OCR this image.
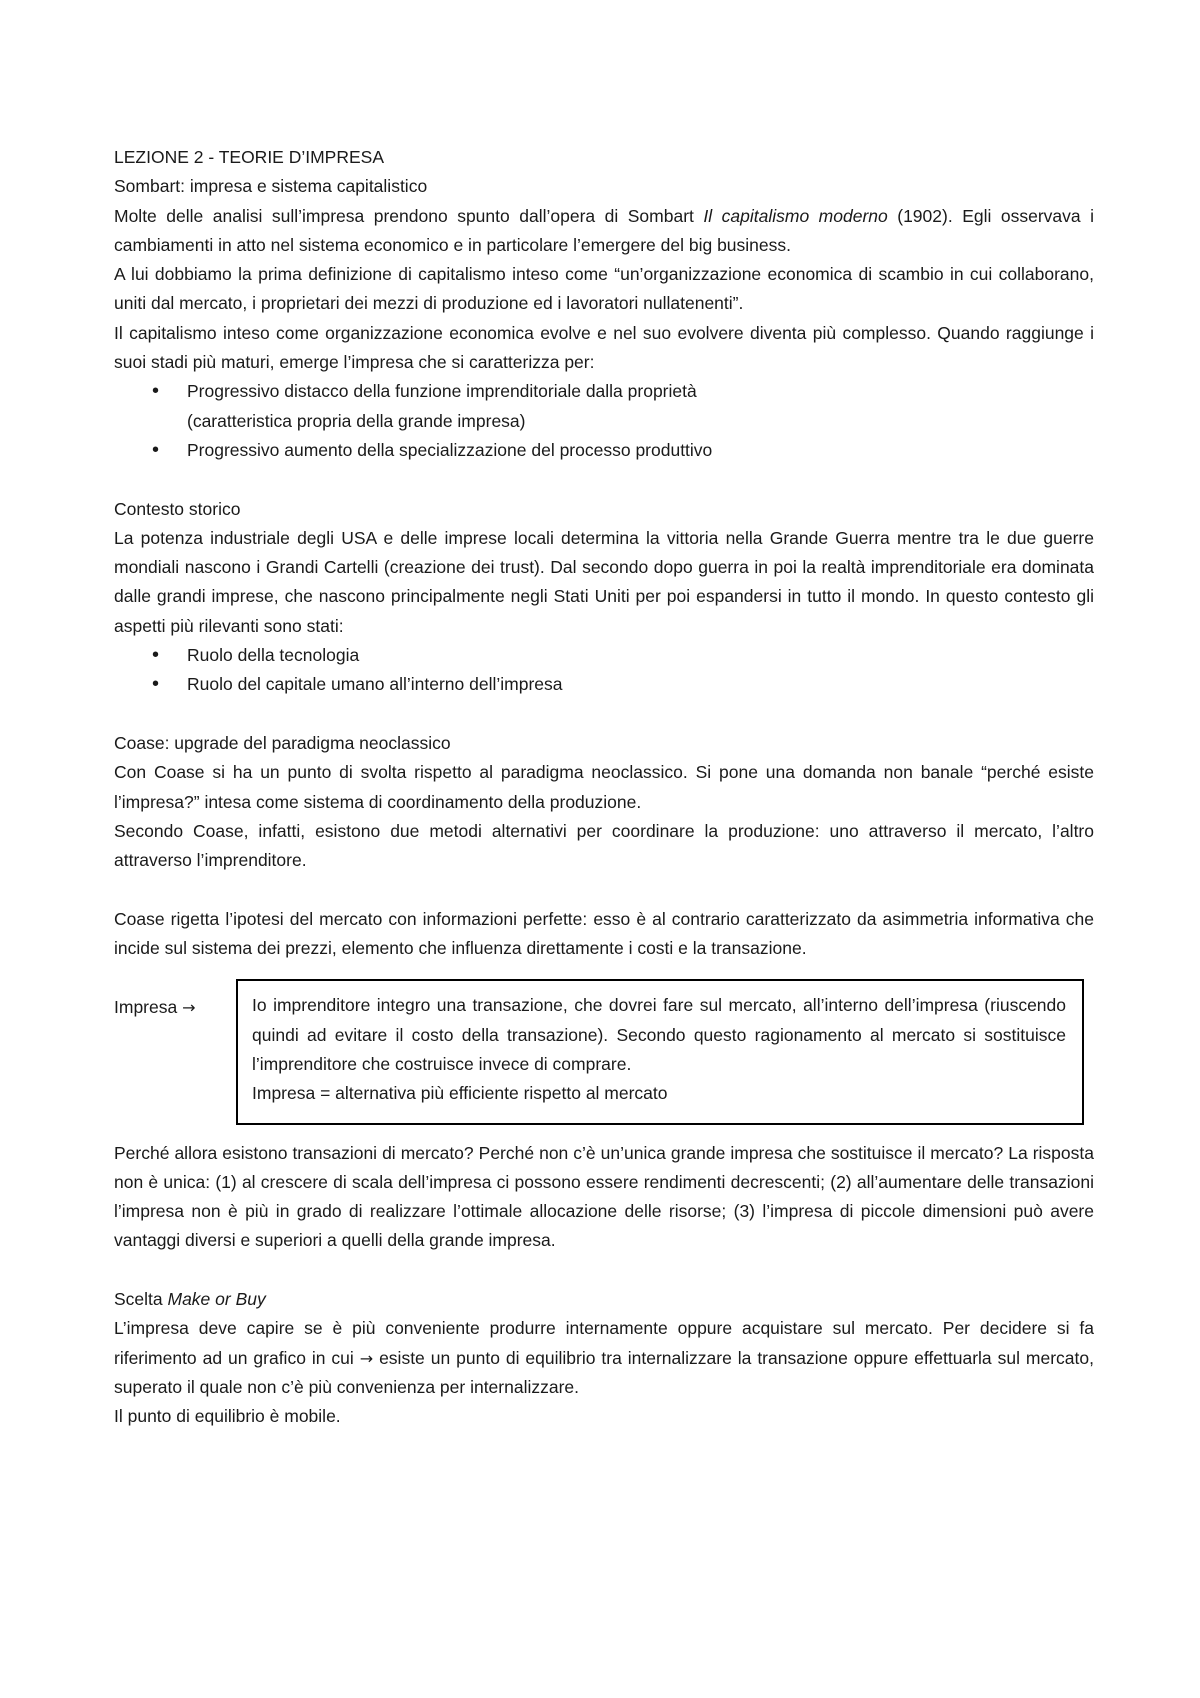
LEZIONE 2 - TEORIE D’IMPRESA

Sombart: impresa e sistema capitalistico

Molte delle analisi sull’impresa prendono spunto dall’opera di Sombart Il capitalismo moderno (1902). Egli osservava i cambiamenti in atto nel sistema economico e in particolare l’emergere del big business.

A lui dobbiamo la prima definizione di capitalismo inteso come “un’organizzazione economica di scambio in cui collaborano, uniti dal mercato, i proprietari dei mezzi di produzione ed i lavoratori nullatenenti”.

Il capitalismo inteso come organizzazione economica evolve e nel suo evolvere diventa più complesso. Quando raggiunge i suoi stadi più maturi, emerge l’impresa che si caratterizza per:

• Progressivo distacco della funzione imprenditoriale dalla proprietà
(caratteristica propria della grande impresa)
• Progressivo aumento della specializzazione del processo produttivo

Contesto storico

La potenza industriale degli USA e delle imprese locali determina la vittoria nella Grande Guerra mentre tra le due guerre mondiali nascono i Grandi Cartelli (creazione dei trust). Dal secondo dopo guerra in poi la realtà imprenditoriale era dominata dalle grandi imprese, che nascono principalmente negli Stati Uniti per poi espandersi in tutto il mondo. In questo contesto gli aspetti più rilevanti sono stati:

• Ruolo della tecnologia
• Ruolo del capitale umano all’interno dell’impresa

Coase: upgrade del paradigma neoclassico

Con Coase si ha un punto di svolta rispetto al paradigma neoclassico. Si pone una domanda non banale “perché esiste l’impresa?” intesa come sistema di coordinamento della produzione.

Secondo Coase, infatti, esistono due metodi alternativi per coordinare la produzione: uno attraverso il mercato, l’altro attraverso l’imprenditore.

Coase rigetta l’ipotesi del mercato con informazioni perfette: esso è al contrario caratterizzato da asimmetria informativa che incide sul sistema dei prezzi, elemento che influenza direttamente i costi e la transazione.

Impresa →	Io imprenditore integro una transazione, che dovrei fare sul mercato, all’interno dell’impresa (riuscendo quindi ad evitare il costo della transazione). Secondo questo ragionamento al mercato si sostituisce l’imprenditore che costruisce invece di comprare.

Impresa = alternativa più efficiente rispetto al mercato

Perché allora esistono transazioni di mercato? Perché non c’è un’unica grande impresa che sostituisce il mercato? La risposta non è unica: (1) al crescere di scala dell’impresa ci possono essere rendimenti decrescenti; (2) all’aumentare delle transazioni l’impresa non è più in grado di realizzare l’ottimale allocazione delle risorse; (3) l’impresa di piccole dimensioni può avere vantaggi diversi e superiori a quelli della grande impresa.

Scelta Make or Buy

L’impresa deve capire se è più conveniente produrre internamente oppure acquistare sul mercato. Per decidere si fa riferimento ad un grafico in cui → esiste un punto di equilibrio tra internalizzare la transazione oppure effettuarla sul mercato, superato il quale non c’è più convenienza per internalizzare.

Il punto di equilibrio è mobile.
